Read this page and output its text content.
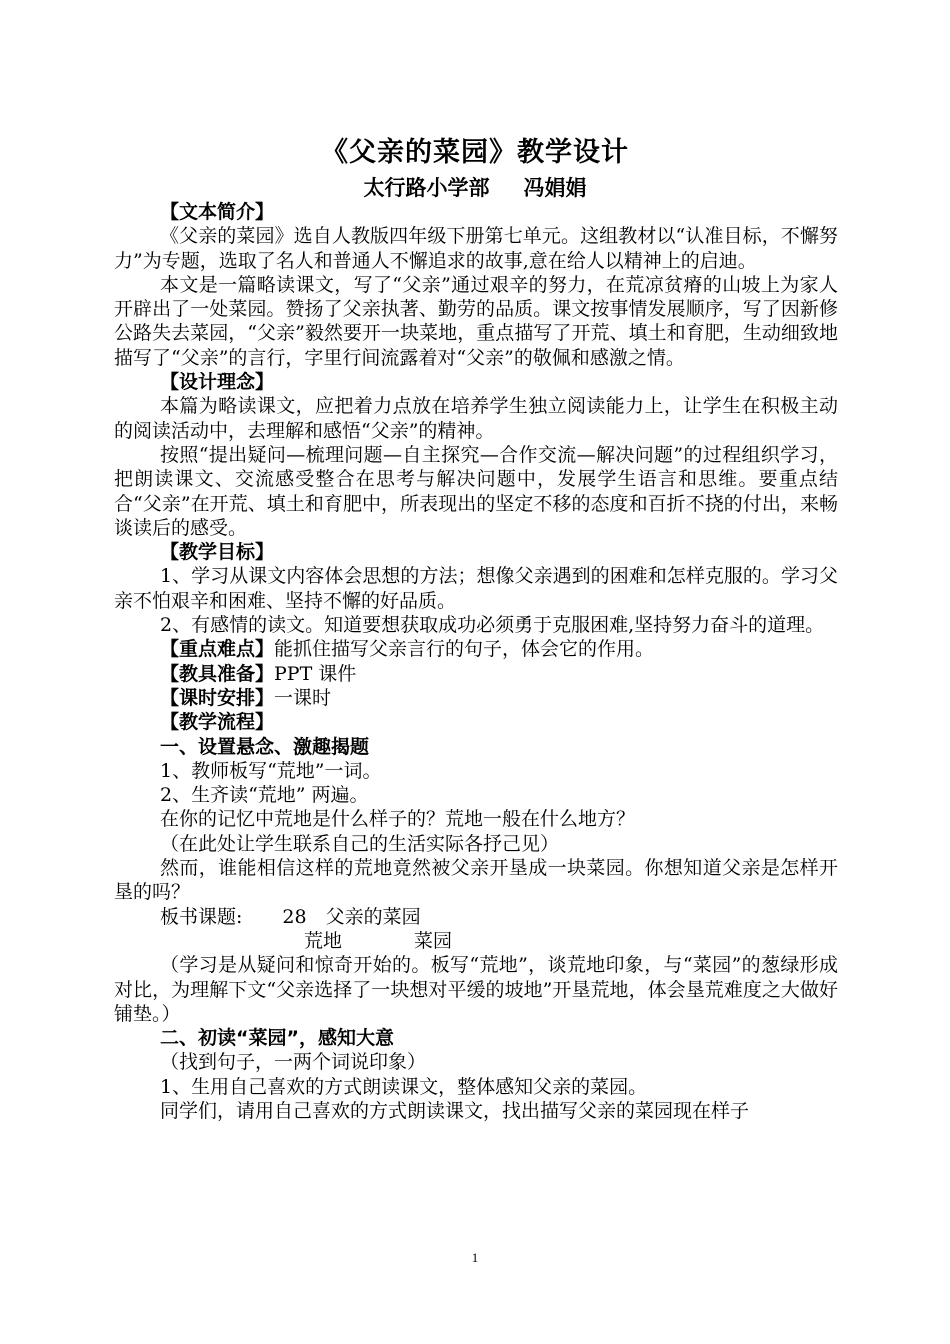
《父亲的菜园》教学设计
太行路小学部 冯娟娟

【文本简介】

《父亲的菜园》选自人教版四年级下册第七单元。这组教材以“认准目标，不懈努力”为专题，选取了名人和普通人不懈追求的故事,意在给人以精神上的启迪。

本文是一篇略读课文，写了“父亲”通过艰辛的努力，在荒凉贫瘠的山坡上为家人开辟出了一处菜园。赞扬了父亲执著、勤劳的品质。课文按事情发展顺序，写了因新修公路失去菜园，“父亲”毅然要开一块菜地，重点描写了开荒、填土和育肥，生动细致地描写了“父亲”的言行，字里行间流露着对“父亲”的敬佩和感激之情。

【设计理念】

本篇为略读课文，应把着力点放在培养学生独立阅读能力上，让学生在积极主动的阅读活动中，去理解和感悟“父亲”的精神。

按照“提出疑问—梳理问题—自主探究—合作交流—解决问题”的过程组织学习，把朗读课文、交流感受整合在思考与解决问题中，发展学生语言和思维。要重点结合“父亲”在开荒、填土和育肥中，所表现出的坚定不移的态度和百折不挠的付出，来畅谈读后的感受。

【教学目标】

1、学习从课文内容体会思想的方法；想像父亲遇到的困难和怎样克服的。学习父亲不怕艰辛和困难、坚持不懈的好品质。

2、有感情的读文。知道要想获取成功必须勇于克服困难,坚持努力奋斗的道理。

【重点难点】能抓住描写父亲言行的句子，体会它的作用。

【教具准备】PPT 课件

【课时安排】一课时

【教学流程】

一、设置悬念、激趣揭题

1、教师板写“荒地”一词。

2、生齐读“荒地” 两遍。

在你的记忆中荒地是什么样子的？荒地一般在什么地方？

（在此处让学生联系自己的生活实际各抒己见）

然而，谁能相信这样的荒地竟然被父亲开垦成一块菜园。你想知道父亲是怎样开垦的吗？

板书课题: 28　父亲的菜园

荒地	菜园

（学习是从疑问和惊奇开始的。板写“荒地”，谈荒地印象，与“菜园”的葱绿形成对比，为理解下文“父亲选择了一块想对平缓的坡地”开垦荒地，体会垦荒难度之大做好铺垫。）

二、初读“菜园”，感知大意

（找到句子，一两个词说印象）

1、生用自己喜欢的方式朗读课文，整体感知父亲的菜园。

同学们，请用自己喜欢的方式朗读课文，找出描写父亲的菜园现在样子

1
